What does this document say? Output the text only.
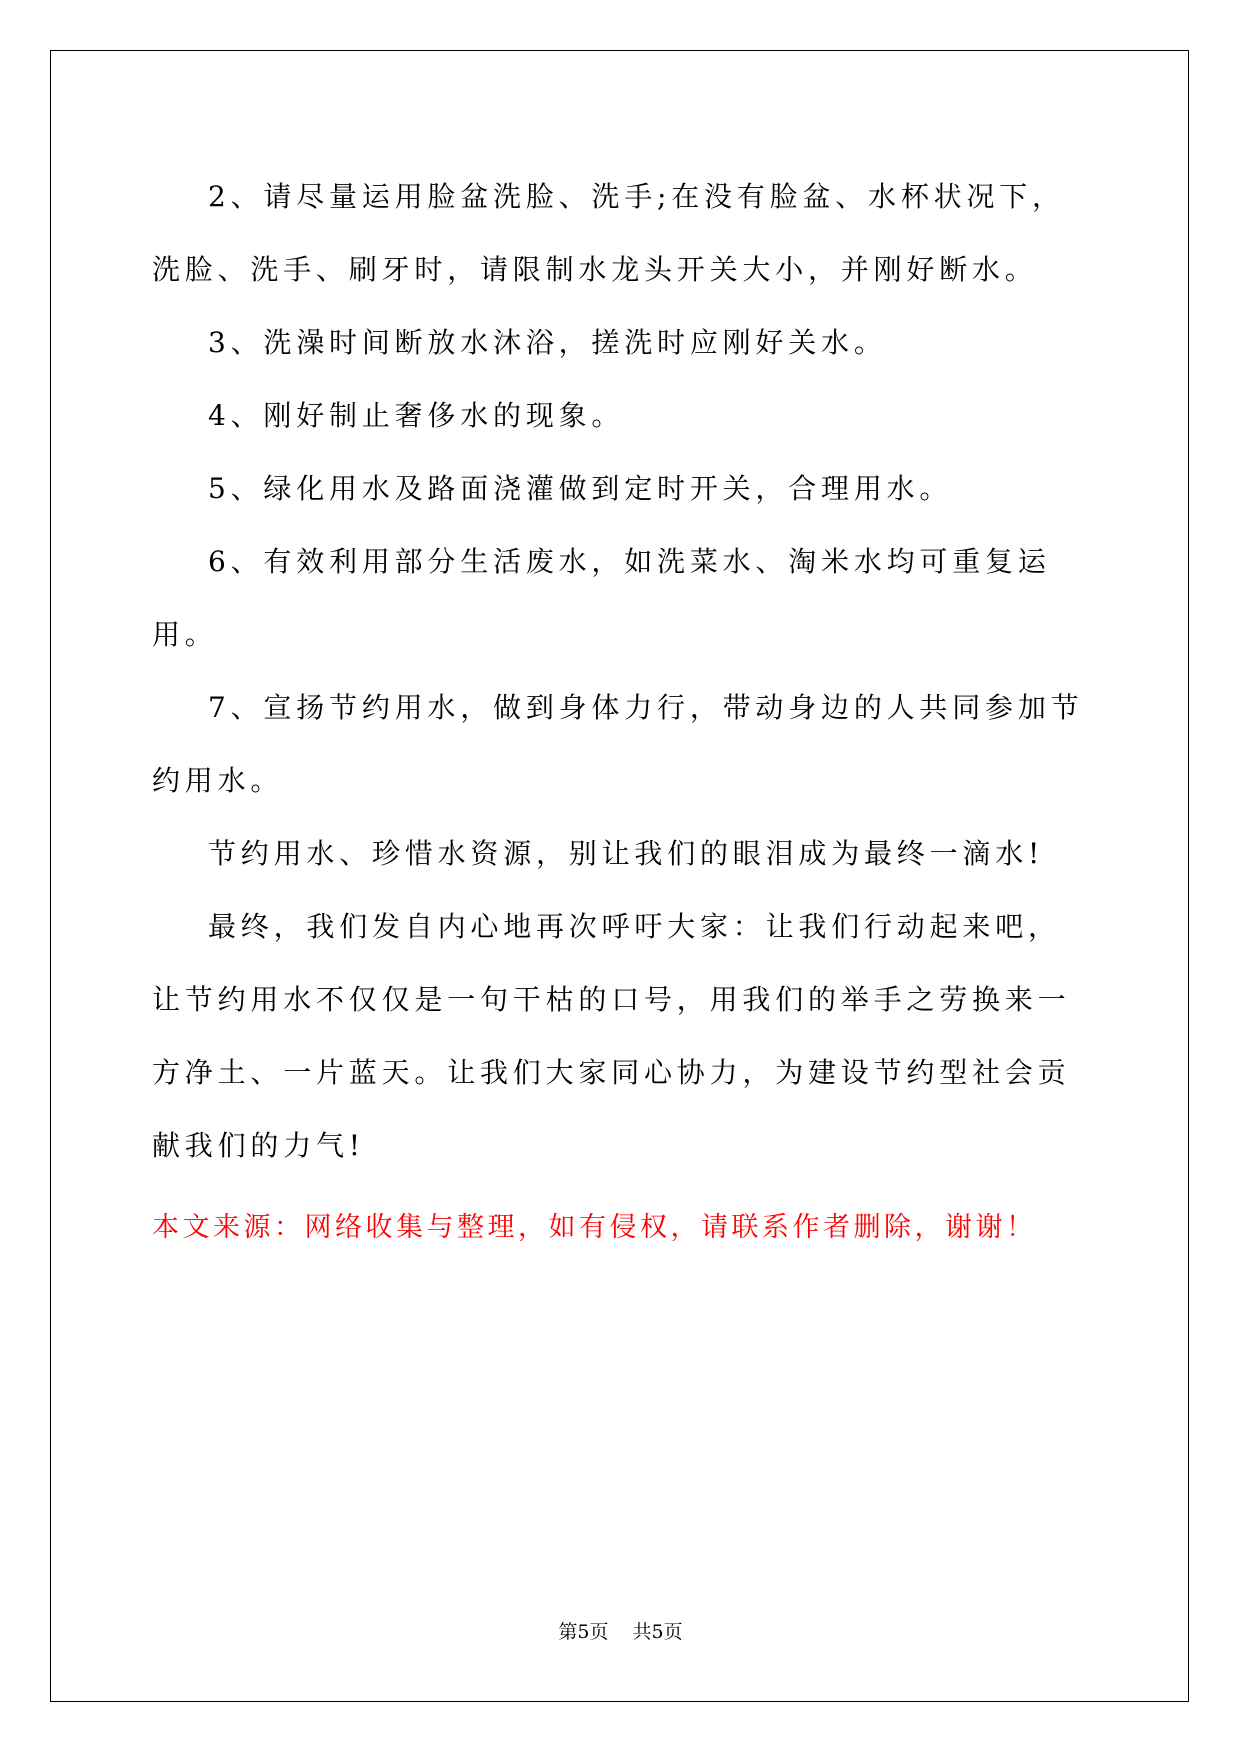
2、请尽量运用脸盆洗脸、洗手;在没有脸盆、水杯状况下，洗脸、洗手、刷牙时，请限制水龙头开关大小，并刚好断水。

3、洗澡时间断放水沐浴，搓洗时应刚好关水。

4、刚好制止奢侈水的现象。

5、绿化用水及路面浇灌做到定时开关，合理用水。

6、有效利用部分生活废水，如洗菜水、淘米水均可重复运用。

7、宣扬节约用水，做到身体力行，带动身边的人共同参加节约用水。

节约用水、珍惜水资源，别让我们的眼泪成为最终一滴水!

最终，我们发自内心地再次呼吁大家：让我们行动起来吧，让节约用水不仅仅是一句干枯的口号，用我们的举手之劳换来一方净土、一片蓝天。让我们大家同心协力，为建设节约型社会贡献我们的力气!

本文来源：网络收集与整理，如有侵权，请联系作者删除，谢谢！

第5页 共5页
